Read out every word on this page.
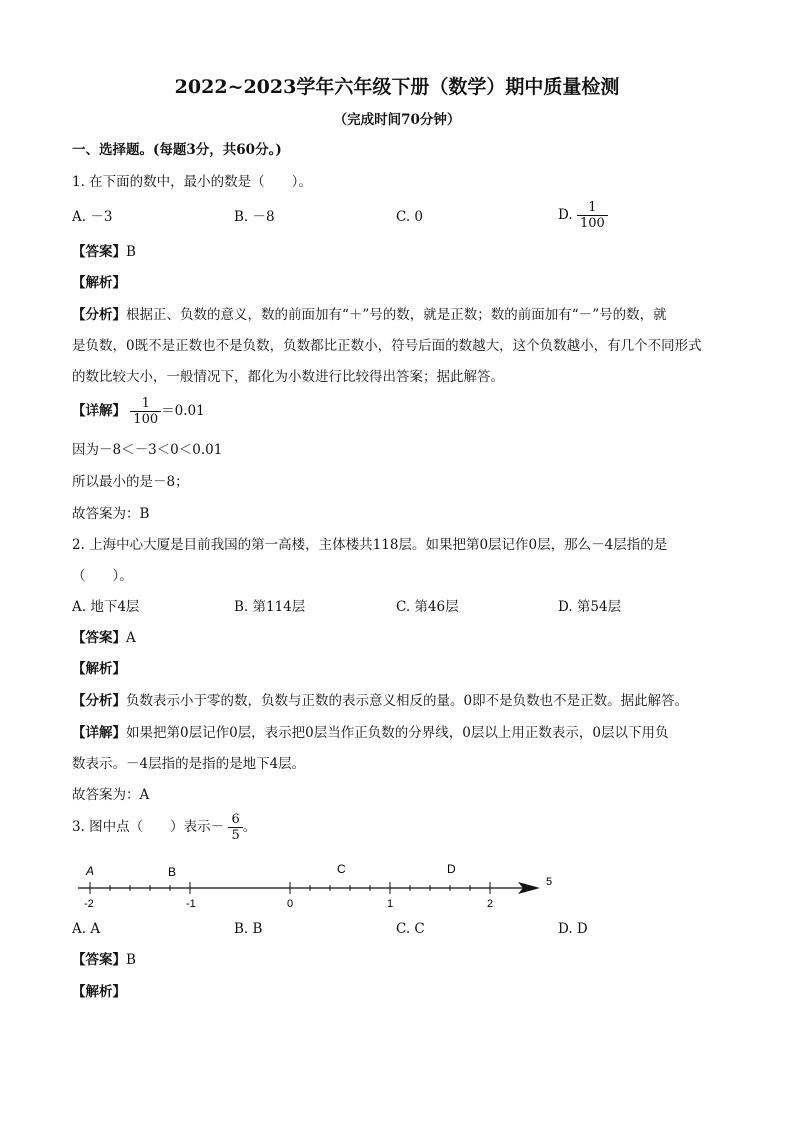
2022~2023学年六年级下册（数学）期中质量检测
（完成时间70分钟）
一、选择题。(每题3分，共60分。)
1. 在下面的数中，最小的数是（　　）。
A. －3	B. －8	C. 0	D. $\frac{1}{100}$
【答案】B
【解析】
【分析】根据正、负数的意义，数的前面加有“＋”号的数，就是正数；数的前面加有“－”号的数，就
是负数，0既不是正数也不是负数，负数都比正数小，符号后面的数越大，这个负数越小，有几个不同形式
的数比较大小，一般情况下，都化为小数进行比较得出答案；据此解答。
【详解】 $\frac{1}{100} =0.01$
因为－8＜－3＜0＜0.01
所以最小的是－8；
故答案为：B
2. 上海中心大厦是目前我国的第一高楼，主体楼共118层。如果把第0层记作0层，那么－4层指的是
（　　）。
A. 地下4层	B. 第114层	C. 第46层	D. 第54层
【答案】A
【解析】
【分析】负数表示小于零的数，负数与正数的表示意义相反的量。0即不是负数也不是正数。据此解答。
【详解】如果把第0层记作0层，表示把0层当作正负数的分界线，0层以上用正数表示，0层以下用负
数表示。－4层指的是指的是地下4层。
故答案为：A
3. 图中点（　　）表示－ $\frac{6}{5}$ 。
-2	-1	0	1	2
A	B	C	D
5
A. A	B. B	C. C	D. D
【答案】B
【解析】
